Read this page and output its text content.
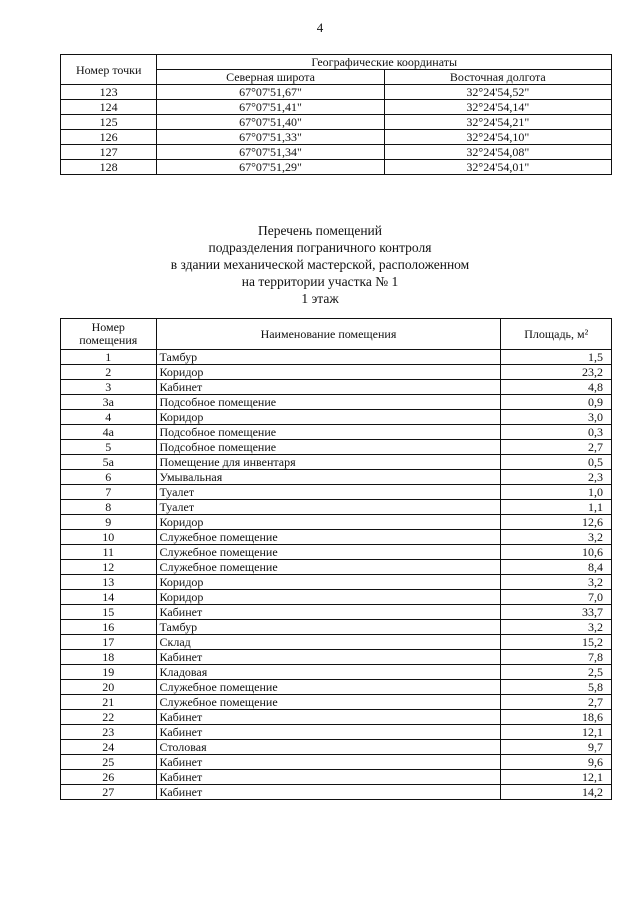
4
Номер точки	Географические координаты	
	Северная широта	Восточная долгота
123	67°07'51,67"	32°24'54,52"
124	67°07'51,41"	32°24'54,14"
125	67°07'51,40"	32°24'54,21"
126	67°07'51,33"	32°24'54,10"
127	67°07'51,34"	32°24'54,08"
128	67°07'51,29"	32°24'54,01"
Перечень помещений
подразделения пограничного контроля
в здании механической мастерской, расположенном
на территории участка № 1
1 этаж
Номер
помещения	Наименование помещения	Площадь, м²
1	Тамбур	1,5
2	Коридор	23,2
3	Кабинет	4,8
3а	Подсобное помещение	0,9
4	Коридор	3,0
4а	Подсобное помещение	0,3
5	Подсобное помещение	2,7
5а	Помещение для инвентаря	0,5
6	Умывальная	2,3
7	Туалет	1,0
8	Туалет	1,1
9	Коридор	12,6
10	Служебное помещение	3,2
11	Служебное помещение	10,6
12	Служебное помещение	8,4
13	Коридор	3,2
14	Коридор	7,0
15	Кабинет	33,7
16	Тамбур	3,2
17	Склад	15,2
18	Кабинет	7,8
19	Кладовая	2,5
20	Служебное помещение	5,8
21	Служебное помещение	2,7
22	Кабинет	18,6
23	Кабинет	12,1
24	Столовая	9,7
25	Кабинет	9,6
26	Кабинет	12,1
27	Кабинет	14,2
